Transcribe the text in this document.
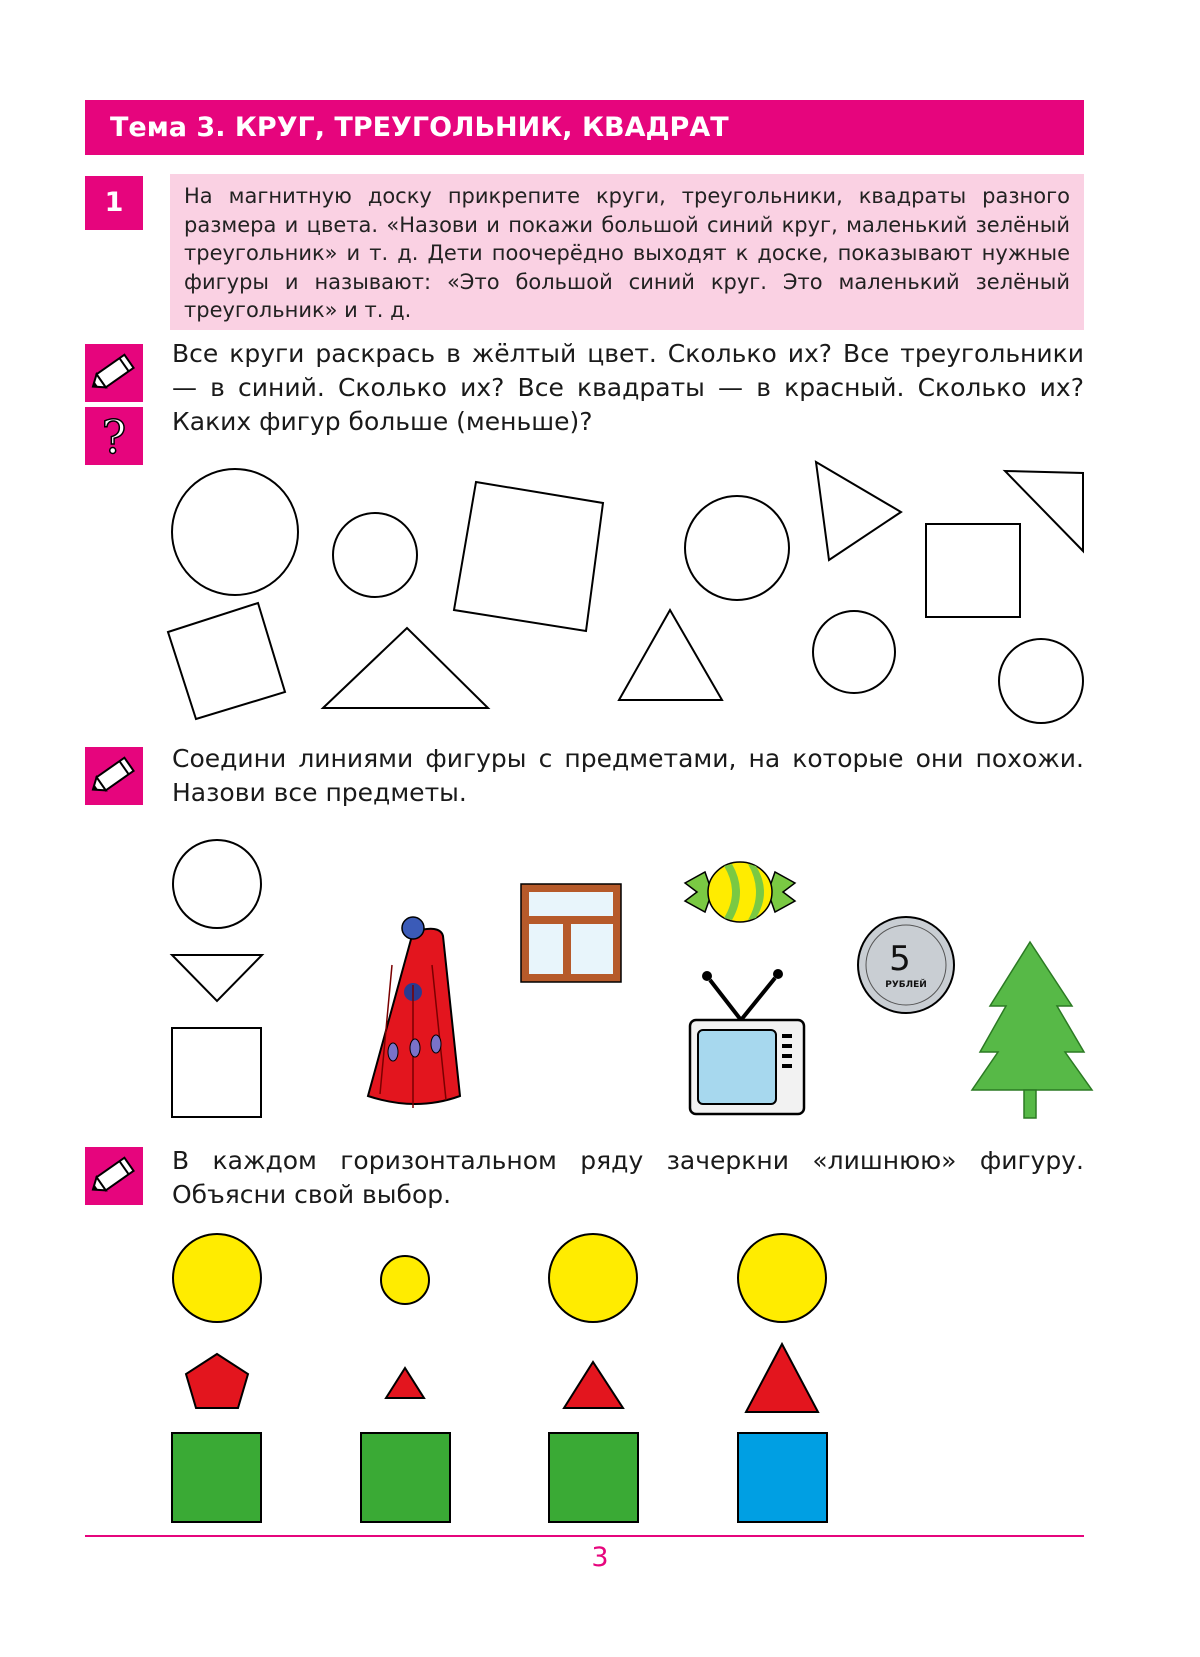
Тема 3. КРУГ, ТРЕУГОЛЬНИК, КВАДРАТ
1	На магнитную доску прикрепите круги, треугольники, квадраты разного размера и цвета. «Назови и покажи большой синий круг, маленький зелёный треугольник» и т. д. Дети поочерёдно выходят к доске, показывают нужные фигуры и называют: «Это большой синий круг. Это маленький зелёный треугольник» и т. д.
?
Все круги раскрась в жёлтый цвет. Сколько их? Все треугольники — в синий. Сколько их? Все квадраты — в красный. Сколько их? Каких фигур больше (меньше)?
Соедини линиями фигуры с предметами, на которые они похожи. Назови все предметы.
5
РУБЛЕЙ
В каждом горизонтальном ряду зачеркни «лишнюю» фигуру. Объясни свой выбор.
3
